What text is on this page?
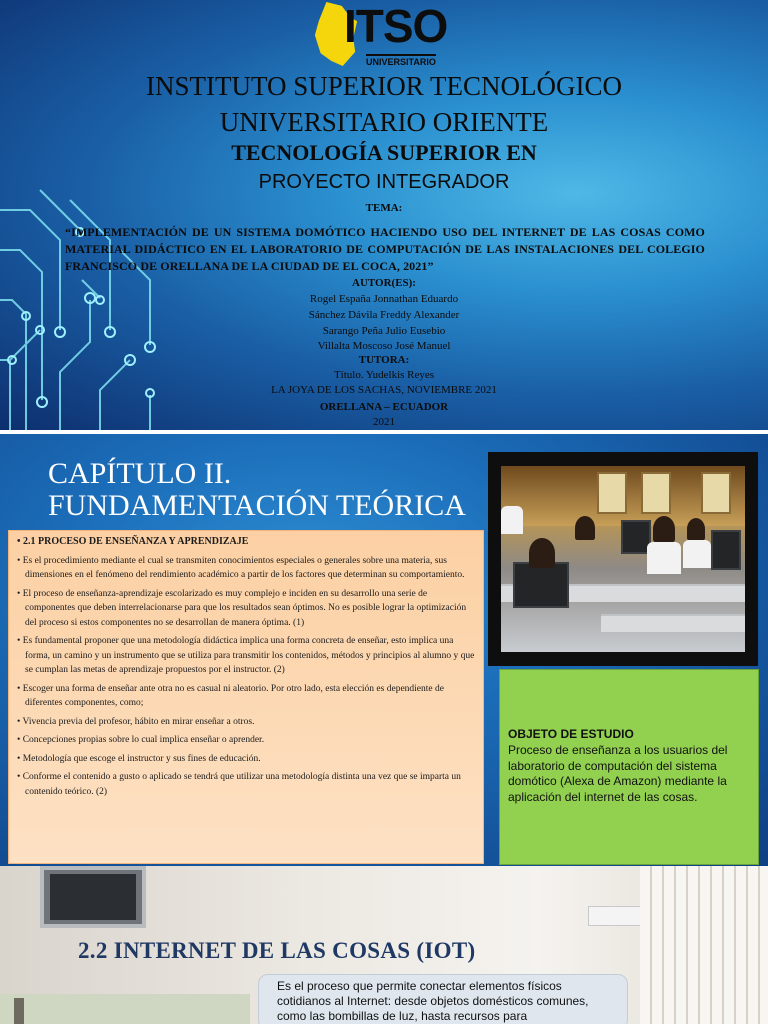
ITSO
UNIVERSITARIO
INSTITUTO SUPERIOR TECNOLÓGICO
UNIVERSITARIO ORIENTE
TECNOLOGÍA SUPERIOR EN
PROYECTO INTEGRADOR
TEMA:
“IMPLEMENTACIÓN DE UN SISTEMA DOMÓTICO HACIENDO USO DEL INTERNET DE LAS COSAS COMO MATERIAL DIDÁCTICO EN EL LABORATORIO DE COMPUTACIÓN DE LAS INSTALACIONES DEL COLEGIO FRANCISCO DE ORELLANA DE LA CIUDAD DE EL COCA, 2021”
AUTOR(ES):
Rogel España Jonnathan Eduardo
Sánchez Dávila Freddy Alexander
Sarango Peña Julio Eusebio
Villalta Moscoso José Manuel
TUTORA:
Título. Yudelkis Reyes
LA JOYA DE LOS SACHAS, NOVIEMBRE 2021
ORELLANA – ECUADOR
2021
CAPÍTULO II.
FUNDAMENTACIÓN TEÓRICA
• 2.1 PROCESO DE ENSEÑANZA Y APRENDIZAJE
• Es el procedimiento mediante el cual se transmiten conocimientos especiales o generales sobre una materia, sus dimensiones en el fenómeno del rendimiento académico a partir de los factores que determinan su comportamiento.
• El proceso de enseñanza-aprendizaje escolarizado es muy complejo e inciden en su desarrollo una serie de componentes que deben interrelacionarse para que los resultados sean óptimos. No es posible lograr la optimización del proceso si estos componentes no se desarrollan de manera óptima. (1)
• Es fundamental proponer que una metodología didáctica implica una forma concreta de enseñar, esto implica una forma, un camino y un instrumento que se utiliza para transmitir los contenidos, métodos y principios al alumno y que se cumplan las metas de aprendizaje propuestos por el instructor. (2)
• Escoger una forma de enseñar ante otra no es casual ni aleatorio. Por otro lado, esta elección es dependiente de diferentes componentes, como;
• Vivencia previa del profesor, hábito en mirar enseñar a otros.
• Concepciones propias sobre lo cual implica enseñar o aprender.
• Metodología que escoge el instructor y sus fines de educación.
• Conforme el contenido a gusto o aplicado se tendrá que utilizar una metodología distinta una vez que se imparta un contenido teórico. (2)
OBJETO DE ESTUDIO
Proceso de enseñanza a los usuarios del laboratorio de computación del sistema domótico (Alexa de Amazon) mediante la aplicación del internet de las cosas.
2.2 INTERNET DE LAS COSAS (IOT)
Es el proceso que permite conectar elementos físicos cotidianos al Internet: desde objetos domésticos comunes, como las bombillas de luz, hasta recursos para
